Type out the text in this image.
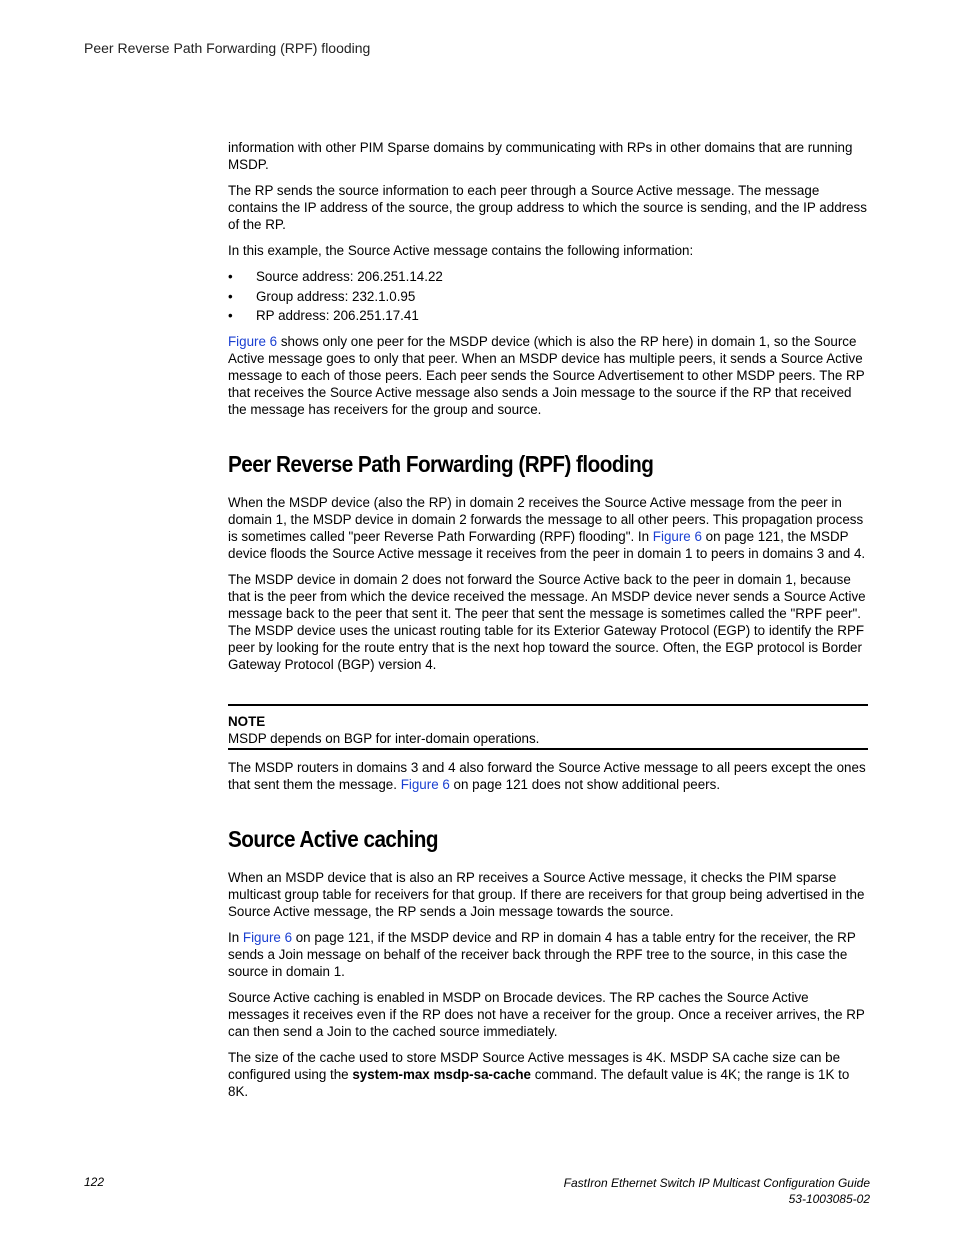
Peer Reverse Path Forwarding (RPF) flooding

information with other PIM Sparse domains by communicating with RPs in other domains that are running MSDP.

The RP sends the source information to each peer through a Source Active message. The message contains the IP address of the source, the group address to which the source is sending, and the IP address of the RP.

In this example, the Source Active message contains the following information:

• Source address: 206.251.14.22
• Group address: 232.1.0.95
• RP address: 206.251.17.41

Figure 6 shows only one peer for the MSDP device (which is also the RP here) in domain 1, so the Source Active message goes to only that peer. When an MSDP device has multiple peers, it sends a Source Active message to each of those peers. Each peer sends the Source Advertisement to other MSDP peers. The RP that receives the Source Active message also sends a Join message to the source if the RP that received the message has receivers for the group and source.

Peer Reverse Path Forwarding (RPF) flooding

When the MSDP device (also the RP) in domain 2 receives the Source Active message from the peer in domain 1, the MSDP device in domain 2 forwards the message to all other peers. This propagation process is sometimes called "peer Reverse Path Forwarding (RPF) flooding". In Figure 6 on page 121, the MSDP device floods the Source Active message it receives from the peer in domain 1 to peers in domains 3 and 4.

The MSDP device in domain 2 does not forward the Source Active back to the peer in domain 1, because that is the peer from which the device received the message. An MSDP device never sends a Source Active message back to the peer that sent it. The peer that sent the message is sometimes called the "RPF peer". The MSDP device uses the unicast routing table for its Exterior Gateway Protocol (EGP) to identify the RPF peer by looking for the route entry that is the next hop toward the source. Often, the EGP protocol is Border Gateway Protocol (BGP) version 4.

NOTE
MSDP depends on BGP for inter-domain operations.

The MSDP routers in domains 3 and 4 also forward the Source Active message to all peers except the ones that sent them the message. Figure 6 on page 121 does not show additional peers.

Source Active caching

When an MSDP device that is also an RP receives a Source Active message, it checks the PIM sparse multicast group table for receivers for that group. If there are receivers for that group being advertised in the Source Active message, the RP sends a Join message towards the source.

In Figure 6 on page 121, if the MSDP device and RP in domain 4 has a table entry for the receiver, the RP sends a Join message on behalf of the receiver back through the RPF tree to the source, in this case the source in domain 1.

Source Active caching is enabled in MSDP on Brocade devices. The RP caches the Source Active messages it receives even if the RP does not have a receiver for the group. Once a receiver arrives, the RP can then send a Join to the cached source immediately.

The size of the cache used to store MSDP Source Active messages is 4K. MSDP SA cache size can be configured using the system-max msdp-sa-cache command. The default value is 4K; the range is 1K to 8K.

122	FastIron Ethernet Switch IP Multicast Configuration Guide
53-1003085-02
